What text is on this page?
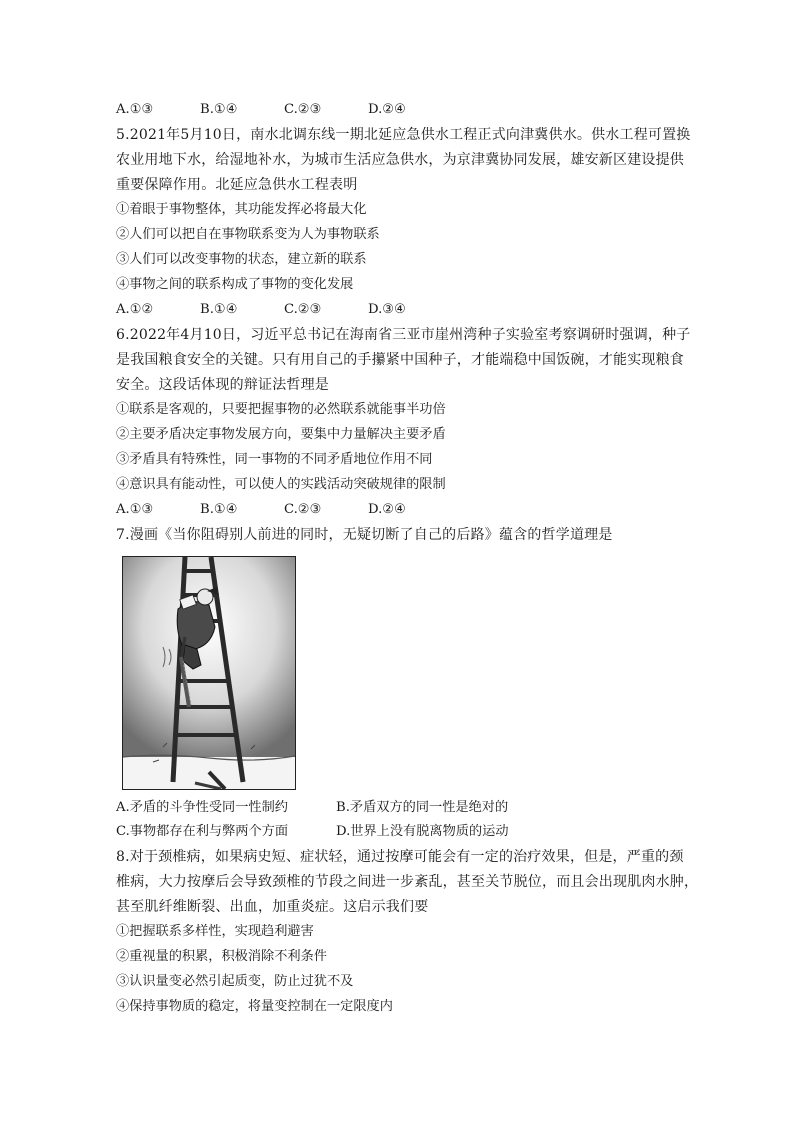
A.①③	B.①④	C.②③	D.②④
5.2021年5月10日，南水北调东线一期北延应急供水工程正式向津冀供水。供水工程可置换
农业用地下水，给湿地补水，为城市生活应急供水，为京津冀协同发展，雄安新区建设提供
重要保障作用。北延应急供水工程表明
①着眼于事物整体，其功能发挥必将最大化
②人们可以把自在事物联系变为人为事物联系
③人们可以改变事物的状态，建立新的联系
④事物之间的联系构成了事物的变化发展
A.①②	B.①④	C.②③	D.③④
6.2022年4月10日，习近平总书记在海南省三亚市崖州湾种子实验室考察调研时强调，种子
是我国粮食安全的关键。只有用自己的手攥紧中国种子，才能端稳中国饭碗，才能实现粮食
安全。这段话体现的辩证法哲理是
①联系是客观的，只要把握事物的必然联系就能事半功倍
②主要矛盾决定事物发展方向，要集中力量解决主要矛盾
③矛盾具有特殊性，同一事物的不同矛盾地位作用不同
④意识具有能动性，可以使人的实践活动突破规律的限制
A.①③	B.①④	C.②③	D.②④
7.漫画《当你阻碍别人前进的同时，无疑切断了自己的后路》蕴含的哲学道理是
A.矛盾的斗争性受同一性制约	B.矛盾双方的同一性是绝对的
C.事物都存在利与弊两个方面	D.世界上没有脱离物质的运动
8.对于颈椎病，如果病史短、症状轻，通过按摩可能会有一定的治疗效果，但是，严重的颈
椎病，大力按摩后会导致颈椎的节段之间进一步紊乱，甚至关节脱位，而且会出现肌肉水肿，
甚至肌纤维断裂、出血，加重炎症。这启示我们要
①把握联系多样性，实现趋利避害
②重视量的积累，积极消除不利条件
③认识量变必然引起质变，防止过犹不及
④保持事物质的稳定，将量变控制在一定限度内
